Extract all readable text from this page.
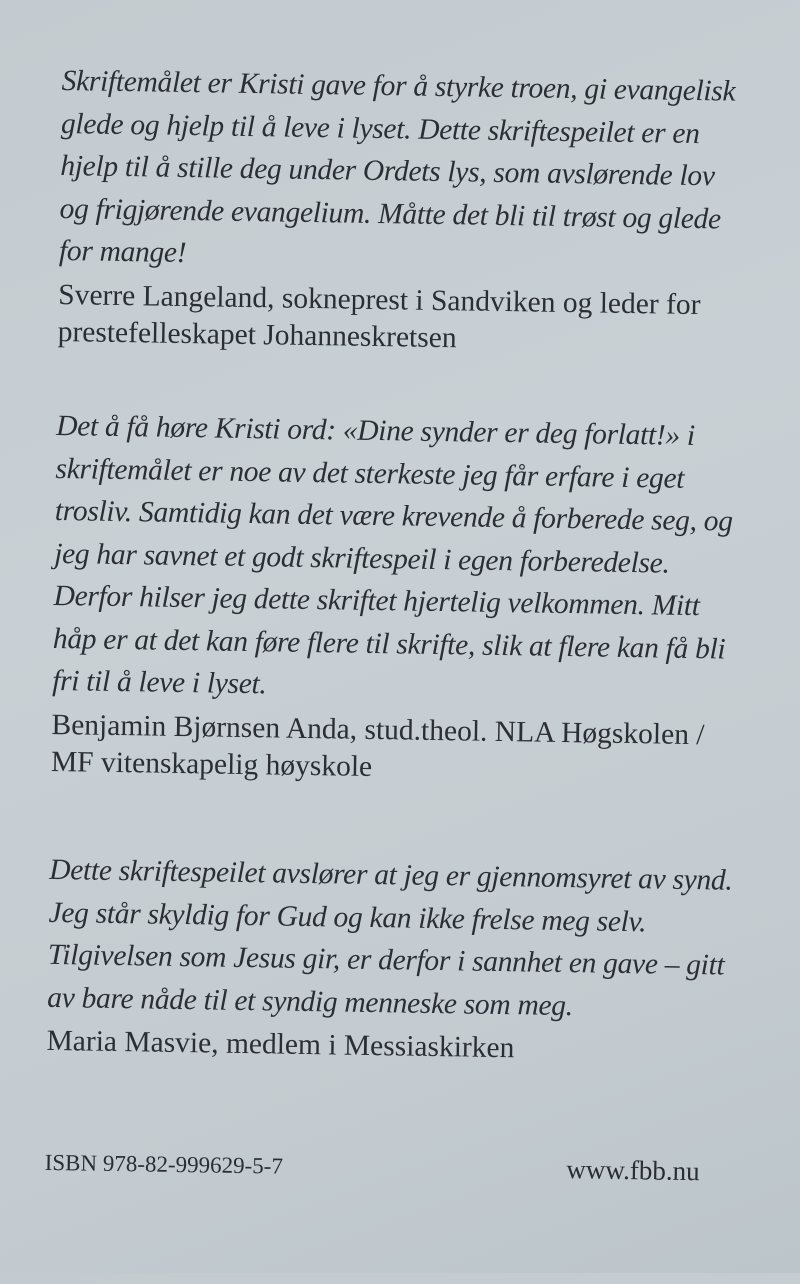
Skriftemålet er Kristi gave for å styrke troen, gi evangelisk glede og hjelp til å leve i lyset. Dette skriftespeilet er en hjelp til å stille deg under Ordets lys, som avslørende lov og frigjørende evangelium. Måtte det bli til trøst og glede for mange!

Sverre Langeland, sokneprest i Sandviken og leder for prestefelleskapet Johanneskretsen

Det å få høre Kristi ord: «Dine synder er deg forlatt!» i skriftemålet er noe av det sterkeste jeg får erfare i eget trosliv. Samtidig kan det være krevende å forberede seg, og jeg har savnet et godt skriftespeil i egen forberedelse. Derfor hilser jeg dette skriftet hjertelig velkommen. Mitt håp er at det kan føre flere til skrifte, slik at flere kan få bli fri til å leve i lyset.

Benjamin Bjørnsen Anda, stud.theol. NLA Høgskolen / MF vitenskapelig høyskole

Dette skriftespeilet avslører at jeg er gjennomsyret av synd. Jeg står skyldig for Gud og kan ikke frelse meg selv. Tilgivelsen som Jesus gir, er derfor i sannhet en gave – gitt av bare nåde til et syndig menneske som meg.

Maria Masvie, medlem i Messiaskirken

ISBN 978-82-999629-5-7	www.fbb.nu
